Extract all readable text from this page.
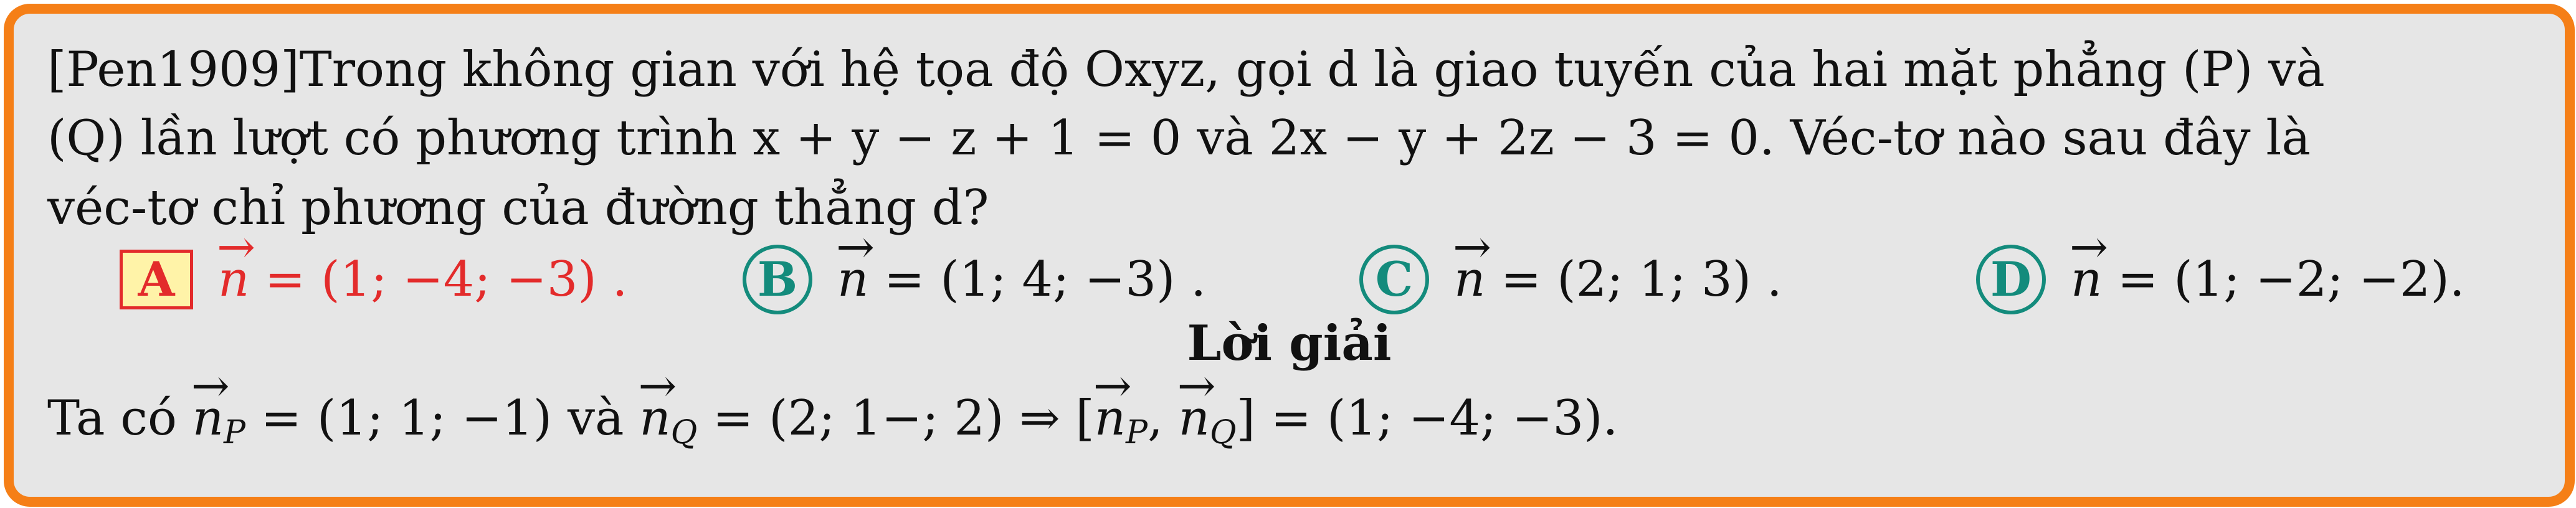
[Pen1909]Trong không gian với hệ tọa độ Oxyz, gọi d là giao tuyến của hai mặt phẳng (P) và
(Q) lần lượt có phương trình x + y − z + 1 = 0 và 2x − y + 2z − 3 = 0. Véc-tơ nào sau đây là
véc-tơ chỉ phương của đường thẳng d?
A → n = (1; −4; −3) .	B → n
= (1; 4; −3) .	C → n
= (2; 1; 3) .	D → n
= (1; −2; −2).
Lời giải
Ta có → $n_P = (1$; 1; −1) và → $n_Q = (2$; 1−; 2) ⇒ [→ $n_P$, → $n_Q] = (1$; −4; −3).
